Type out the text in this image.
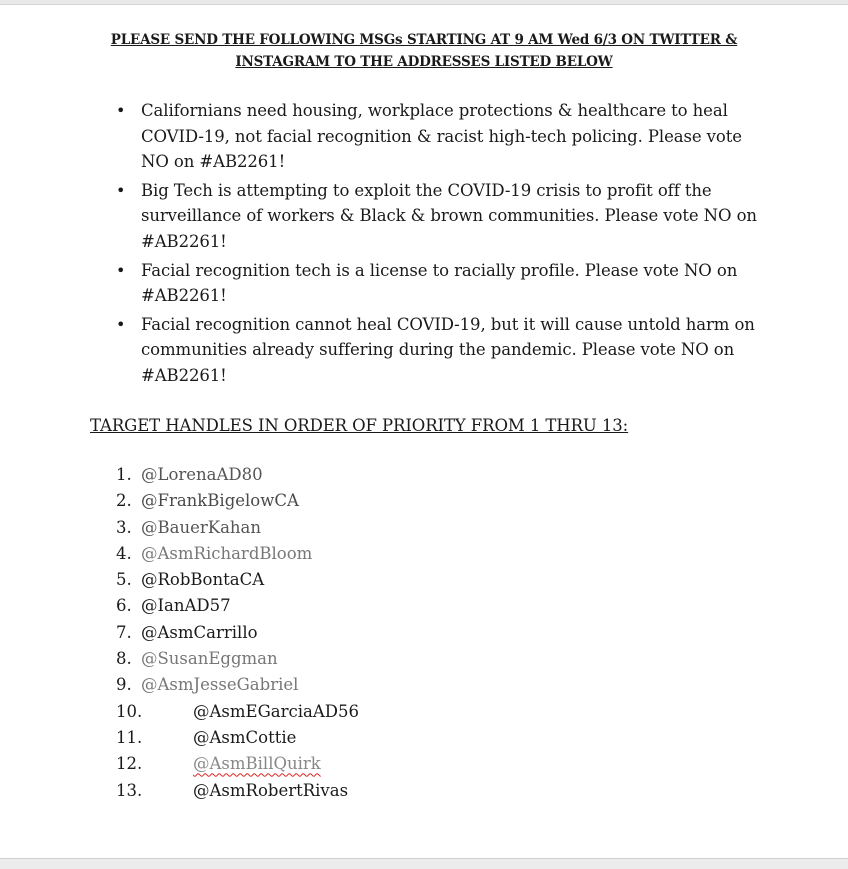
PLEASE SEND THE FOLLOWING MSGs STARTING AT 9 AM Wed 6/3 ON TWITTER &
INSTAGRAM TO THE ADDRESSES LISTED BELOW
• Californians need housing, workplace protections & healthcare to heal COVID-19, not facial recognition & racist high-tech policing. Please vote NO on #AB2261!
• Big Tech is attempting to exploit the COVID-19 crisis to profit off the surveillance of workers & Black & brown communities. Please vote NO on #AB2261!
• Facial recognition tech is a license to racially profile. Please vote NO on #AB2261!
• Facial recognition cannot heal COVID-19, but it will cause untold harm on communities already suffering during the pandemic. Please vote NO on #AB2261!
TARGET HANDLES IN ORDER OF PRIORITY FROM 1 THRU 13:
1. @LorenaAD80
2. @FrankBigelowCA
3. @BauerKahan
4. @AsmRichardBloom
5. @RobBontaCA
6. @IanAD57
7. @AsmCarrillo
8. @SusanEggman
9. @AsmJesseGabriel
10.	@AsmEGarciaAD56
11.	@AsmCottie
12.	@AsmBillQuirk
13.	@AsmRobertRivas
